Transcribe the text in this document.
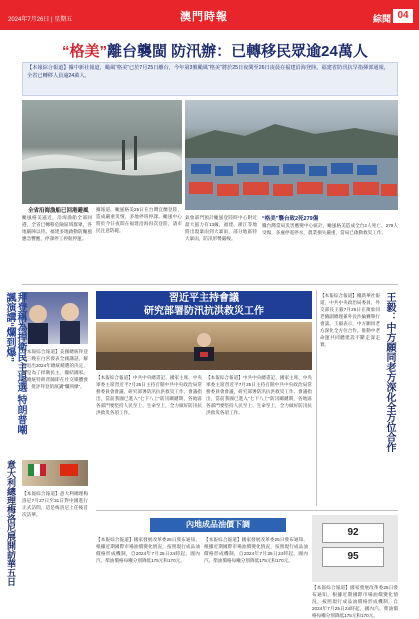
2024年7月26日 | 星期五	澳門時報	綜聞 04
“格美”離台襲閩 防汛辦：已轉移民眾逾24萬人
【本報綜合報道】據中新社報道，颱風“格美”已於7月25日離台，今年第3號颱風“格美”將於25日夜間至26日凌晨在福建沿海登陸。福建省防汛抗旱指揮部通報，全省已轉移人員逾24萬人。
全省沿海漁船已回港避風
颱風格美逼近，沿海漁船全部回港，全省已轉移危險區域群眾，各地嚴陣以待。福建多地啟動防颱風應急響應，停課停工停航停運。
據報道，颱風格美25日在台灣宜蘭登陸，造成嚴重災情，多地停班停課。颱風中心將於今日夜間在福建沿海再次登陸，請市民注意防範。
氣象部門預計颱風登陸時中心附近最大風力有13級，福建、浙江等地將出現暴雨到大暴雨，部分地區特大暴雨，防汛形勢嚴峻。
“格美”襲台致2死279傷
據台灣當局災害應變中心統計，颱風格美造成全台2人死亡、279人受傷，多處停電停水，農業損失嚴重，當局已啟動救災工作。
拜登稱為捍衛民主退選 特朗普嘲諷演講“爛到爆”	【本報綜合報道】美國總統拜登周三晚在白宮發表全國講話，解釋退出2024年總統競選的決定，稱是為了捍衛民主、團結國家。前總統特朗普隨即在社交媒體發文，批評拜登的演講“爛到爆”。
習近平主持會議
研究部署防汛抗洪救災工作
【本報綜合報道】中共中央總書記、國家主席、中央軍委主席習近平7月25日主持召開中共中央政治局常務委員會會議，研究部署防汛抗洪救災工作。會議指出，當前我國已進入“七下八上”防汛關鍵期，各地區各部門要堅持人民至上、生命至上，全力做好防汛抗洪救災各項工作。
【本報綜合報道】中共中央總書記、國家主席、中央軍委主席習近平7月25日主持召開中共中央政治局常務委員會會議，研究部署防汛抗洪救災工作。會議指出，當前我國已進入“七下八上”防汛關鍵期，各地區各部門要堅持人民至上、生命至上，全力做好防汛抗洪救災各項工作。	王毅：中方願同老方深化全方位合作
【本報綜合報道】據新華社報道，中共中央政治局委員、外交部長王毅7月25日在萬象同老撾副總理兼外長沙倫賽舉行會談。王毅表示，中方願同老方深化全方位合作，推動中老命運共同體建設不斷走深走實。
意大利總理梅洛尼展開訪華五日 【本報綜合報道】意大利總理梅洛尼7月27日至31日對中國進行正式訪問，這是梅洛尼上任後首次訪華。
內地成品油價下調
【本報綜合報道】國家發展改革委25日發布通知，根據近期國際市場油價變化情況，按照現行成品油價格形成機制，自2024年7月25日24時起，國內汽、柴油價格每噸分別降低175元和170元。
【本報綜合報道】國家發展改革委25日發布通知，根據近期國際市場油價變化情況，按照現行成品油價格形成機制，自2024年7月25日24時起，國內汽、柴油價格每噸分別降低175元和170元。
92
95
【本報綜合報道】國家發展改革委25日發布通知，根據近期國際市場油價變化情況，按照現行成品油價格形成機制，自2024年7月25日24時起，國內汽、柴油價格每噸分別降低175元和170元。
